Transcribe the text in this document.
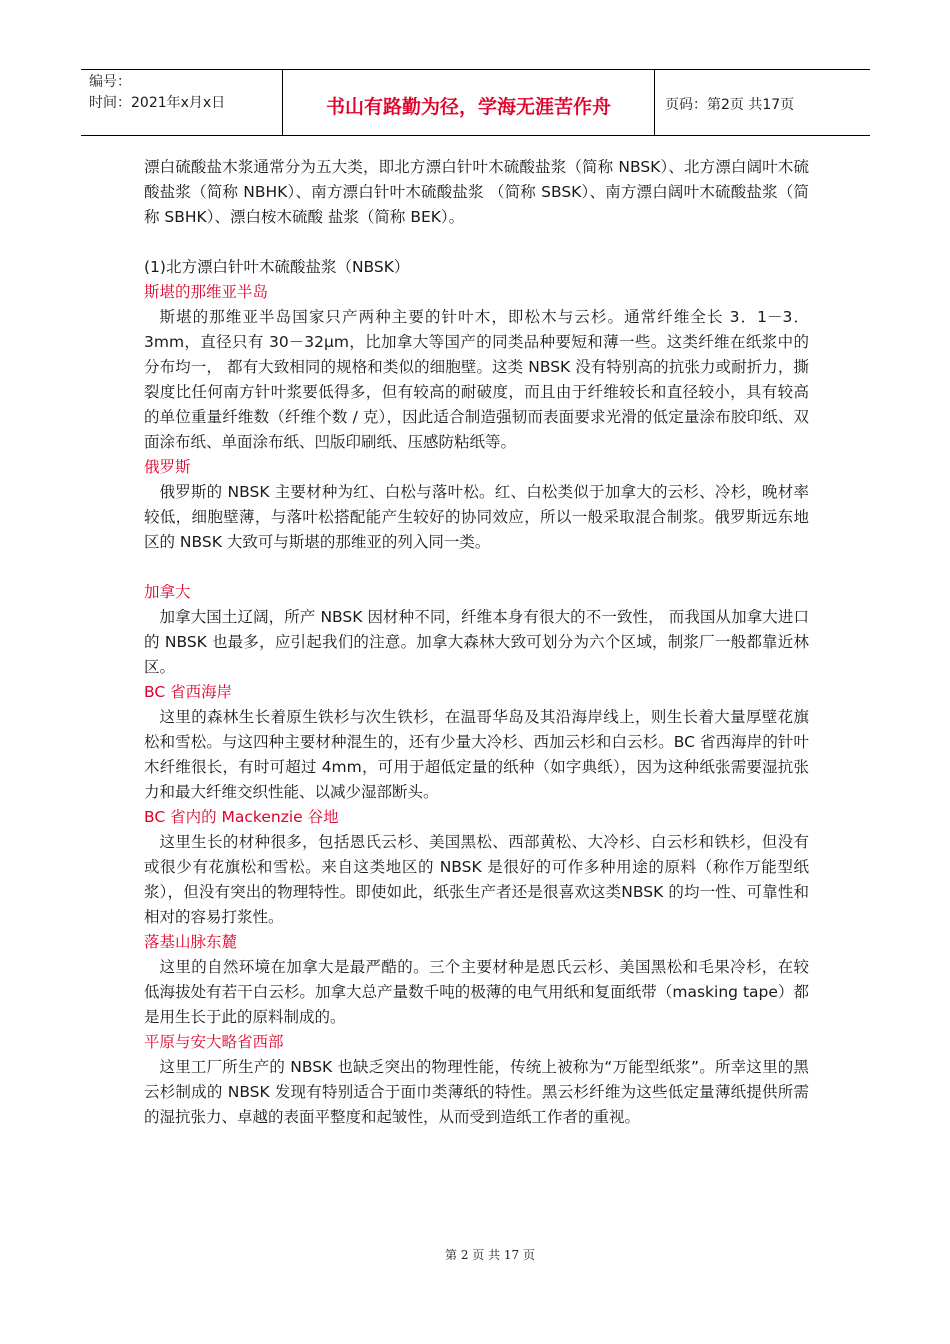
编号：
时间：2021年x月x日	书山有路勤为径，学海无涯苦作舟	页码：第2页 共17页

漂白硫酸盐木浆通常分为五大类，即北方漂白针叶木硫酸盐浆（简称 NBSK）、北方漂白阔叶木硫酸盐浆（简称 NBHK）、南方漂白针叶木硫酸盐浆 （简称 SBSK）、南方漂白阔叶木硫酸盐浆（简称 SBHK）、漂白桉木硫酸 盐浆（简称 BEK）。

(1)北方漂白针叶木硫酸盐浆（NBSK）

斯堪的那维亚半岛

斯堪的那维亚半岛国家只产两种主要的针叶木，即松木与云杉。通常纤维全长 3．1－3．3mm，直径只有 30－32μm，比加拿大等国产的同类品种要短和薄一些。这类纤维在纸浆中的分布均一， 都有大致相同的规格和类似的细胞壁。这类 NBSK 没有特别高的抗张力或耐折力，撕裂度比任何南方针叶浆要低得多，但有较高的耐破度，而且由于纤维较长和直径较小，具有较高的单位重量纤维数（纤维个数 / 克），因此适合制造强韧而表面要求光滑的低定量涂布胶印纸、双面涂布纸、单面涂布纸、凹版印刷纸、压感防粘纸等。

俄罗斯

俄罗斯的 NBSK 主要材种为红、白松与落叶松。红、白松类似于加拿大的云杉、冷杉，晚材率较低，细胞壁薄，与落叶松搭配能产生较好的协同效应，所以一般采取混合制浆。俄罗斯远东地区的 NBSK 大致可与斯堪的那维亚的列入同一类。

加拿大

加拿大国土辽阔，所产 NBSK 因材种不同，纤维本身有很大的不一致性， 而我国从加拿大进口的 NBSK 也最多，应引起我们的注意。加拿大森林大致可划分为六个区域，制浆厂一般都靠近林区。

BC 省西海岸

这里的森林生长着原生铁杉与次生铁杉，在温哥华岛及其沿海岸线上，则生长着大量厚壁花旗松和雪松。与这四种主要材种混生的，还有少量大冷杉、西加云杉和白云杉。BC 省西海岸的针叶木纤维很长，有时可超过 4mm，可用于超低定量的纸种（如字典纸），因为这种纸张需要湿抗张力和最大纤维交织性能、以减少湿部断头。

BC 省内的 Mackenzie 谷地

这里生长的材种很多，包括恩氏云杉、美国黑松、西部黄松、大冷杉、白云杉和铁杉，但没有或很少有花旗松和雪松。来自这类地区的 NBSK 是很好的可作多种用途的原料（称作万能型纸浆），但没有突出的物理特性。即使如此，纸张生产者还是很喜欢这类NBSK 的均一性、可靠性和相对的容易打浆性。

落基山脉东麓

这里的自然环境在加拿大是最严酷的。三个主要材种是恩氏云杉、美国黑松和毛果冷杉，在较低海拔处有若干白云杉。加拿大总产量数千吨的极薄的电气用纸和复面纸带（masking tape）都是用生长于此的原料制成的。

平原与安大略省西部

这里工厂所生产的 NBSK 也缺乏突出的物理性能，传统上被称为“万能型纸浆”。所幸这里的黑云杉制成的 NBSK 发现有特别适合于面巾类薄纸的特性。黑云杉纤维为这些低定量薄纸提供所需的湿抗张力、卓越的表面平整度和起皱性，从而受到造纸工作者的重视。

第 2 页 共 17 页
